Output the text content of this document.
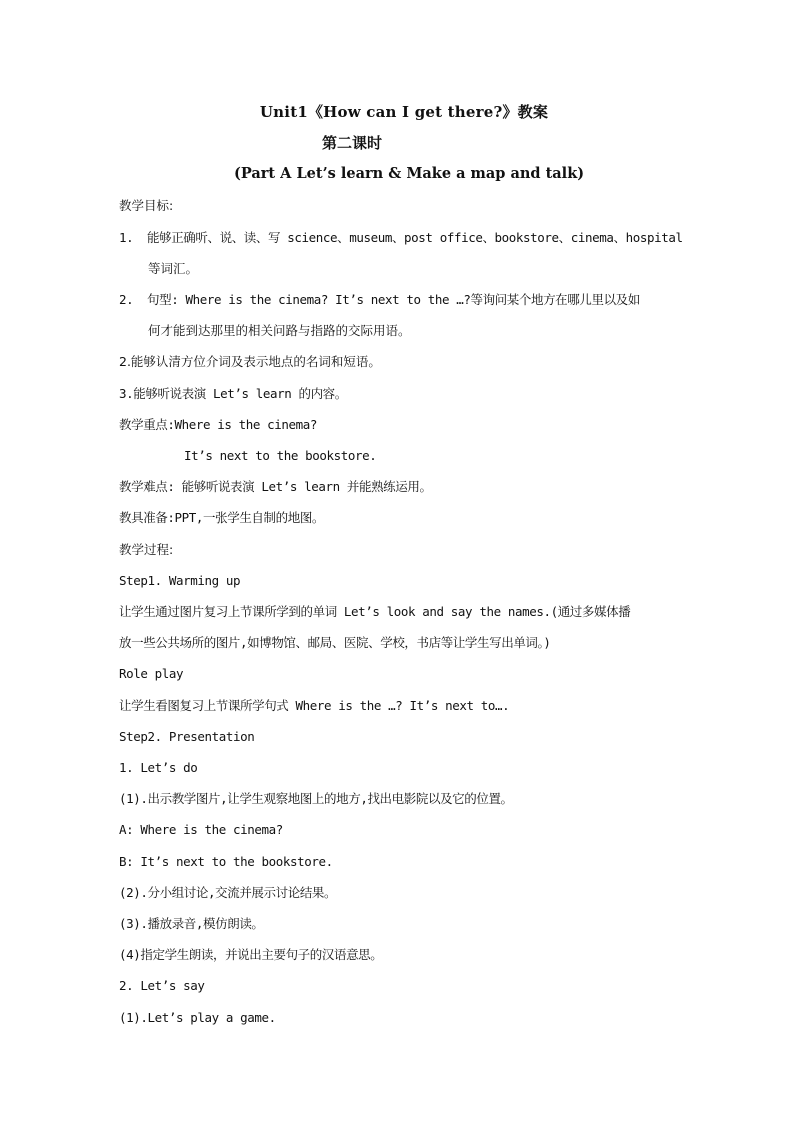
Unit1《How can I get there?》教案
第二课时
(Part A Let’s learn & Make a map and talk)
教学目标:
1. 能够正确听、说、读、写 science、museum、post office、bookstore、cinema、hospital
等词汇。
2. 句型: Where is the cinema? It’s next to the …?等询问某个地方在哪儿里以及如
何才能到达那里的相关问路与指路的交际用语。
2.能够认清方位介词及表示地点的名词和短语。
3.能够听说表演 Let’s learn 的内容。
教学重点:Where is the cinema?
It’s next to the bookstore.
教学难点: 能够听说表演 Let’s learn 并能熟练运用。
教具准备:PPT,一张学生自制的地图。
教学过程:
Step1. Warming up
让学生通过图片复习上节课所学到的单词 Let’s look and say the names.(通过多媒体播
放一些公共场所的图片,如博物馆、邮局、医院、学校，书店等让学生写出单词。)
Role play
让学生看图复习上节课所学句式 Where is the …? It’s next to….
Step2. Presentation
1. Let’s do
(1).出示教学图片,让学生观察地图上的地方,找出电影院以及它的位置。
A: Where is the cinema?
B: It’s next to the bookstore.
(2).分小组讨论,交流并展示讨论结果。
(3).播放录音,模仿朗读。
(4)指定学生朗读，并说出主要句子的汉语意思。
2. Let’s say
(1).Let’s play a game.
